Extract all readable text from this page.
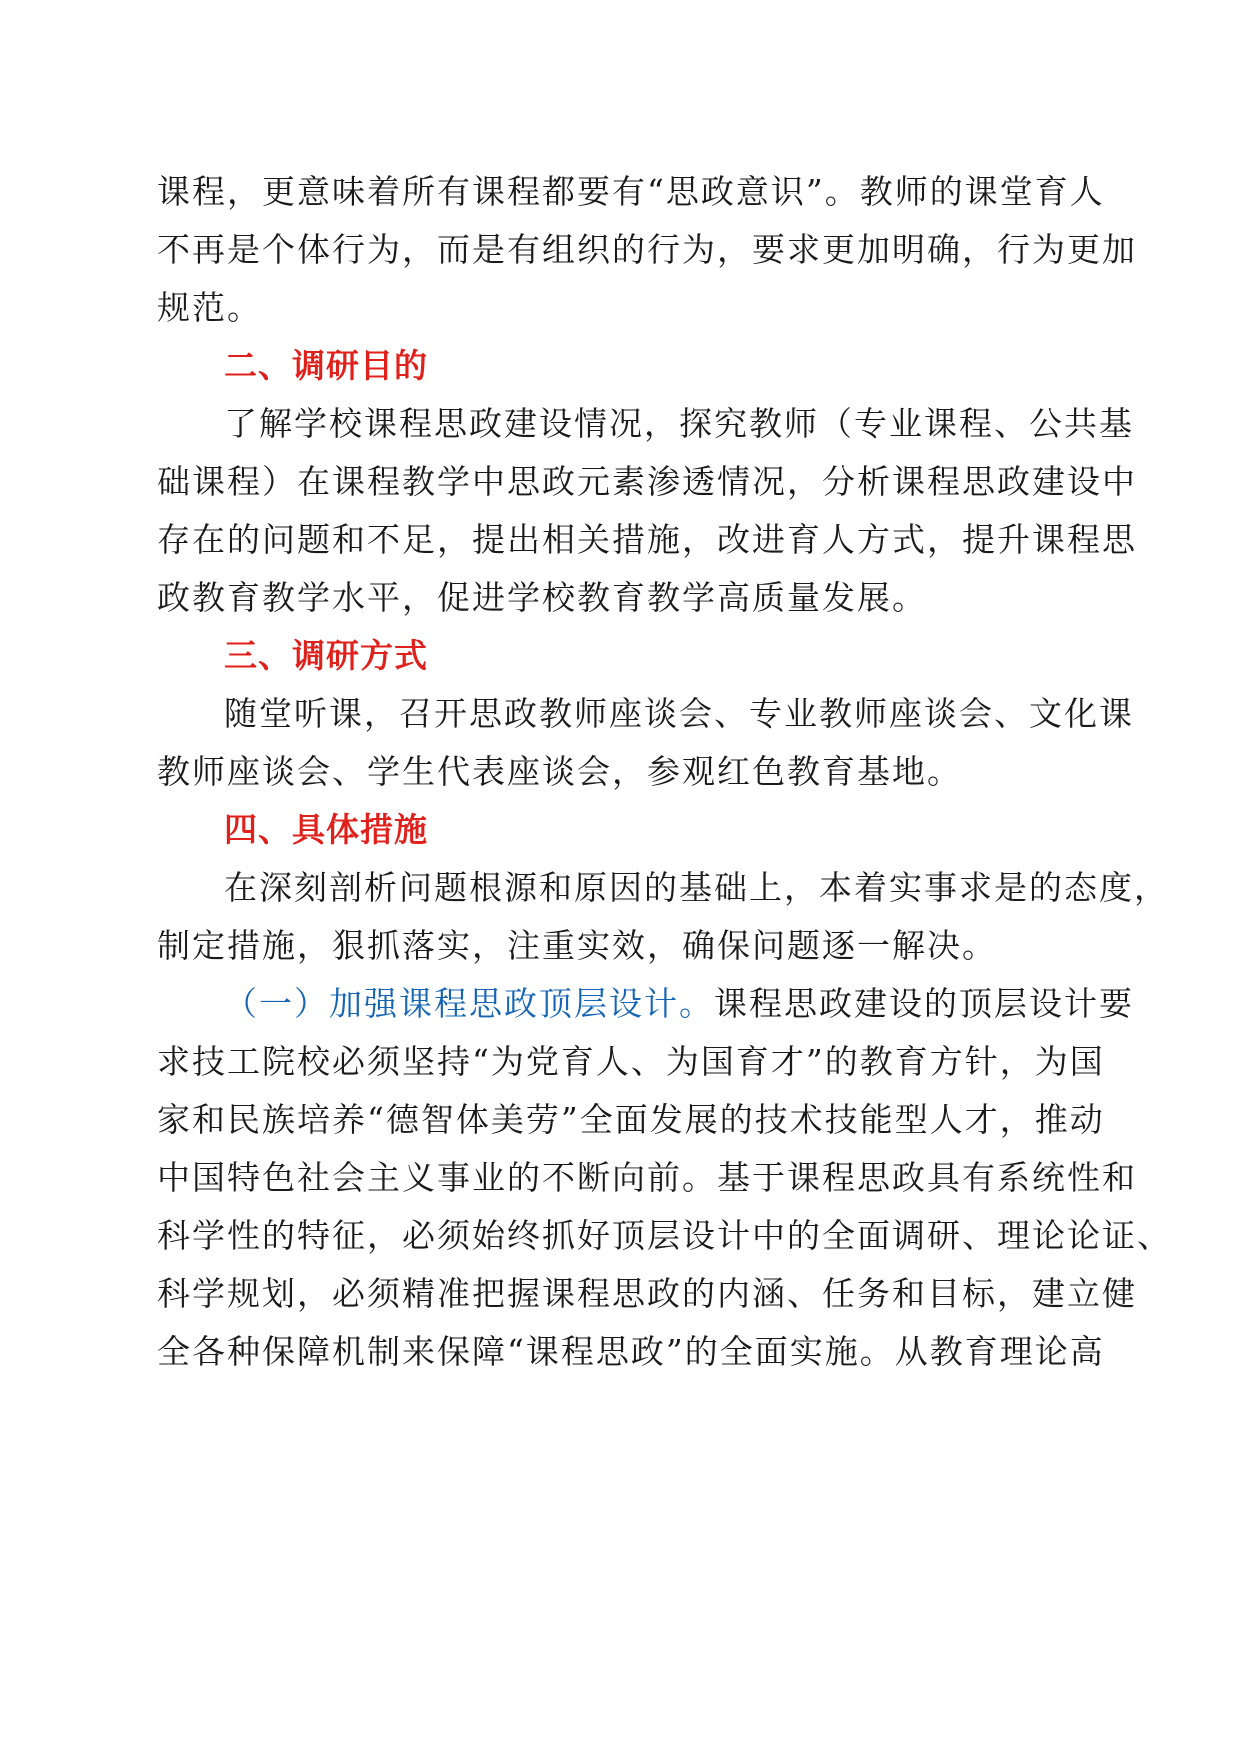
课程，更意味着所有课程都要有“思政意识”。教师的课堂育人
不再是个体行为，而是有组织的行为，要求更加明确，行为更加
规范。
二、调研目的
了解学校课程思政建设情况，探究教师（专业课程、公共基
础课程）在课程教学中思政元素渗透情况，分析课程思政建设中
存在的问题和不足，提出相关措施，改进育人方式，提升课程思
政教育教学水平，促进学校教育教学高质量发展。
三、调研方式
随堂听课，召开思政教师座谈会、专业教师座谈会、文化课
教师座谈会、学生代表座谈会，参观红色教育基地。
四、具体措施
在深刻剖析问题根源和原因的基础上，本着实事求是的态度，
制定措施，狠抓落实，注重实效，确保问题逐一解决。
（一）加强课程思政顶层设计。课程思政建设的顶层设计要
求技工院校必须坚持“为党育人、为国育才”的教育方针，为国
家和民族培养“德智体美劳”全面发展的技术技能型人才，推动
中国特色社会主义事业的不断向前。基于课程思政具有系统性和
科学性的特征，必须始终抓好顶层设计中的全面调研、理论论证、
科学规划，必须精准把握课程思政的内涵、任务和目标，建立健
全各种保障机制来保障“课程思政”的全面实施。从教育理论高
